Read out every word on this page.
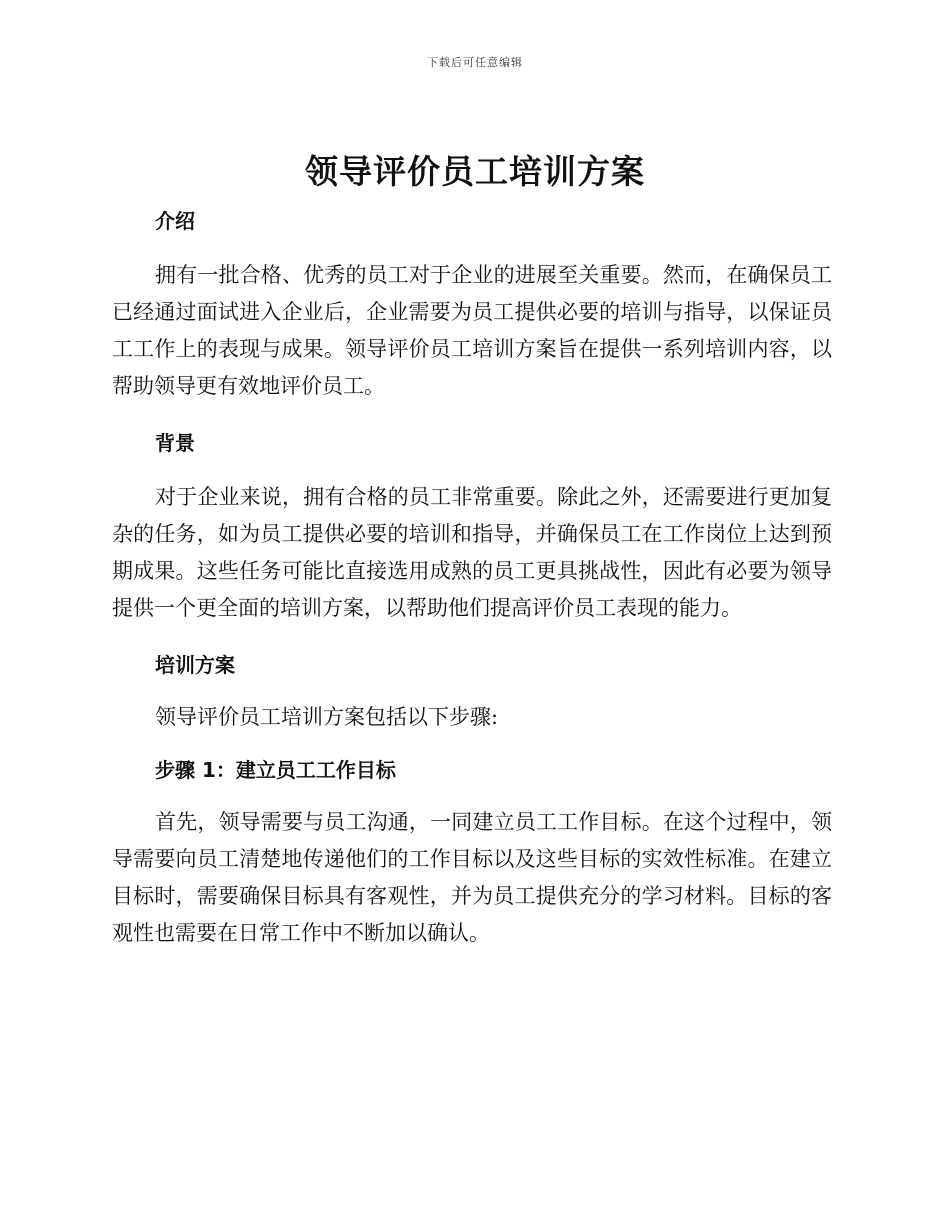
下载后可任意编辑
领导评价员工培训方案
介绍

拥有一批合格、优秀的员工对于企业的进展至关重要。然而，在确保员工已经通过面试进入企业后，企业需要为员工提供必要的培训与指导，以保证员工工作上的表现与成果。领导评价员工培训方案旨在提供一系列培训内容，以帮助领导更有效地评价员工。

背景

对于企业来说，拥有合格的员工非常重要。除此之外，还需要进行更加复杂的任务，如为员工提供必要的培训和指导，并确保员工在工作岗位上达到预期成果。这些任务可能比直接选用成熟的员工更具挑战性，因此有必要为领导提供一个更全面的培训方案，以帮助他们提高评价员工表现的能力。

培训方案

领导评价员工培训方案包括以下步骤:

步骤 1：建立员工工作目标

首先，领导需要与员工沟通，一同建立员工工作目标。在这个过程中，领导需要向员工清楚地传递他们的工作目标以及这些目标的实效性标准。在建立目标时，需要确保目标具有客观性，并为员工提供充分的学习材料。目标的客观性也需要在日常工作中不断加以确认。
